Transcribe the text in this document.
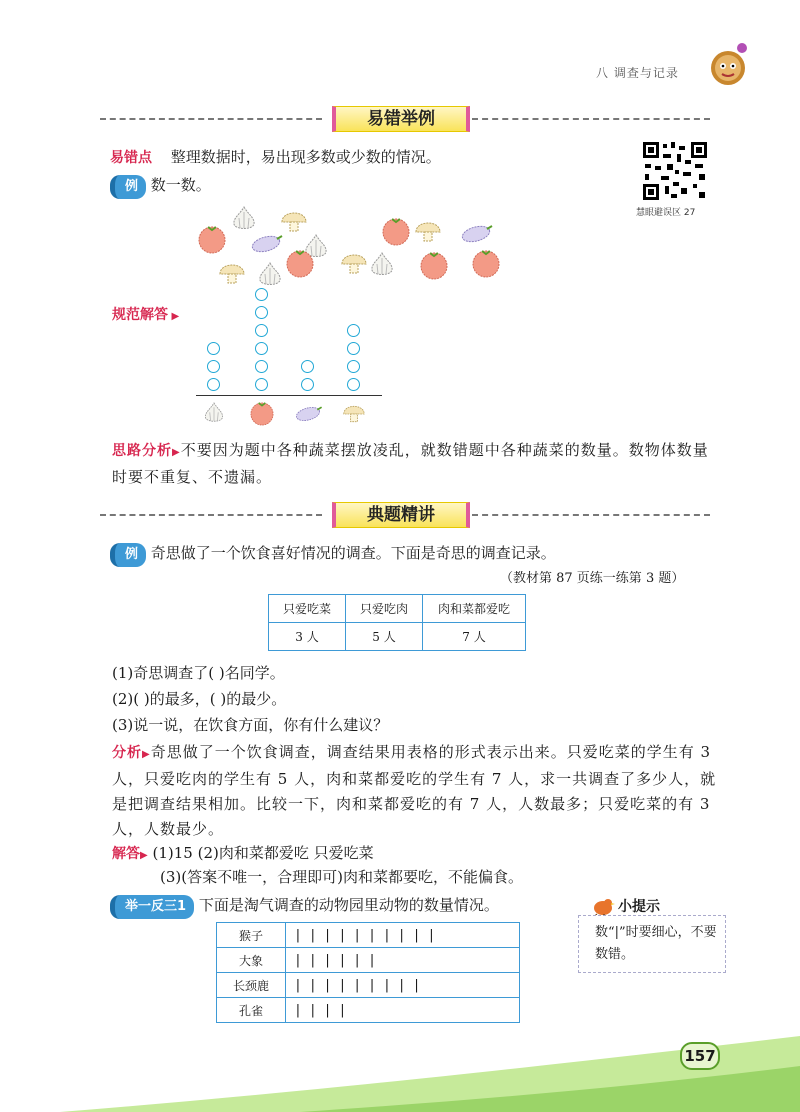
八 调查与记录
易错举例
易错点 整理数据时，易出现多数或少数的情况。
例 数一数。
慧眼避误区 27
规范解答 ▶
思路分析▶不要因为题中各种蔬菜摆放凌乱，就数错题中各种蔬菜的数量。数物体数量时要不重复、不遗漏。
典题精讲
例 奇思做了一个饮食喜好情况的调查。下面是奇思的调查记录。
（教材第 87 页练一练第 3 题）
只爱吃菜	只爱吃肉	肉和菜都爱吃
3 人	5 人	7 人
(1)奇思调查了( )名同学。
(2)( )的最多，( )的最少。
(3)说一说，在饮食方面，你有什么建议？
分析▶奇思做了一个饮食调查，调查结果用表格的形式表示出来。只爱吃菜的学生有 3 人，只爱吃肉的学生有 5 人，肉和菜都爱吃的学生有 7 人，求一共调查了多少人，就是把调查结果相加。比较一下，肉和菜都爱吃的有 7 人，人数最多；只爱吃菜的有 3 人，人数最少。
解答▶ (1)15 (2)肉和菜都爱吃 只爱吃菜
(3)(答案不唯一，合理即可)肉和菜都要吃，不能偏食。
举一反三1 下面是淘气调查的动物园里动物的数量情况。
猴子	||||||||||
大象	||||||
长颈鹿	|||||||||
孔雀	||||
小提示
数“|”时要细心，不要数错。
157
